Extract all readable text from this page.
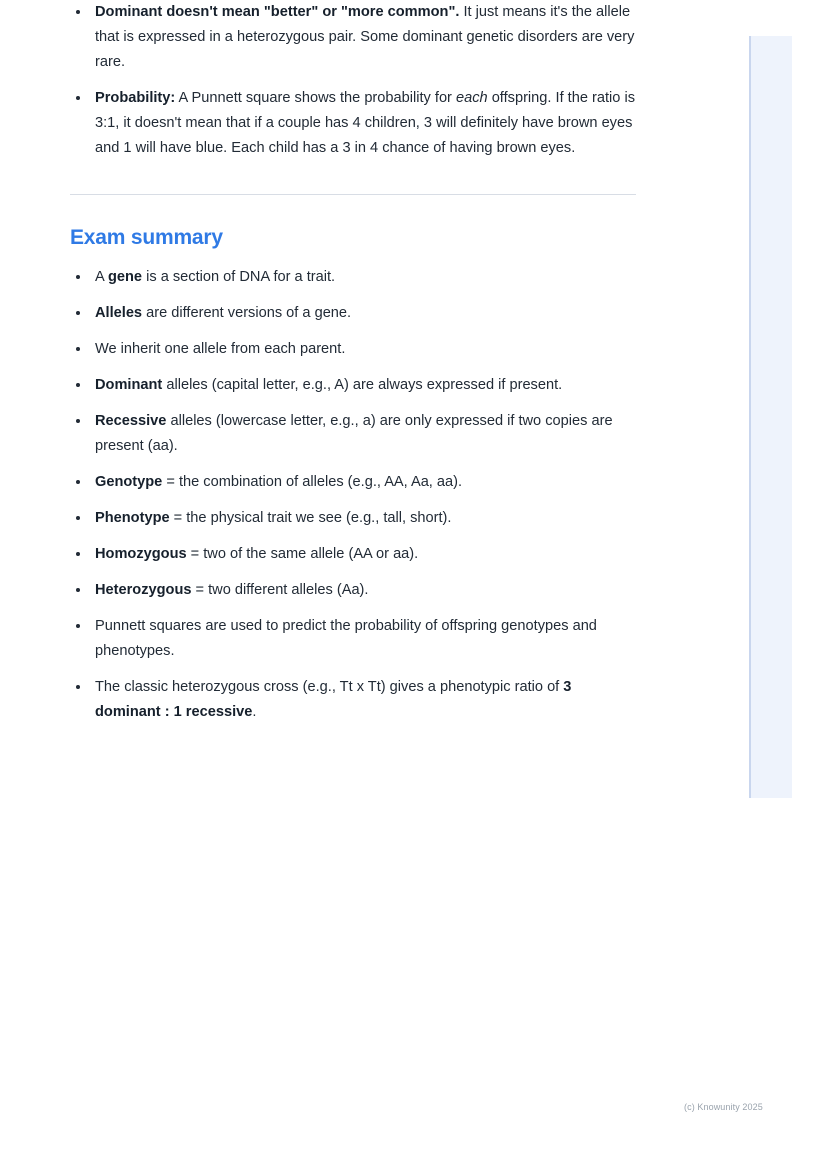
Dominant doesn't mean "better" or "more common". It just means it's the allele that is expressed in a heterozygous pair. Some dominant genetic disorders are very rare.
Probability: A Punnett square shows the probability for each offspring. If the ratio is 3:1, it doesn't mean that if a couple has 4 children, 3 will definitely have brown eyes and 1 will have blue. Each child has a 3 in 4 chance of having brown eyes.
Exam summary
A gene is a section of DNA for a trait.
Alleles are different versions of a gene.
We inherit one allele from each parent.
Dominant alleles (capital letter, e.g., A) are always expressed if present.
Recessive alleles (lowercase letter, e.g., a) are only expressed if two copies are present (aa).
Genotype = the combination of alleles (e.g., AA, Aa, aa).
Phenotype = the physical trait we see (e.g., tall, short).
Homozygous = two of the same allele (AA or aa).
Heterozygous = two different alleles (Aa).
Punnett squares are used to predict the probability of offspring genotypes and phenotypes.
The classic heterozygous cross (e.g., Tt x Tt) gives a phenotypic ratio of 3 dominant : 1 recessive.
(c) Knowunity 2025
